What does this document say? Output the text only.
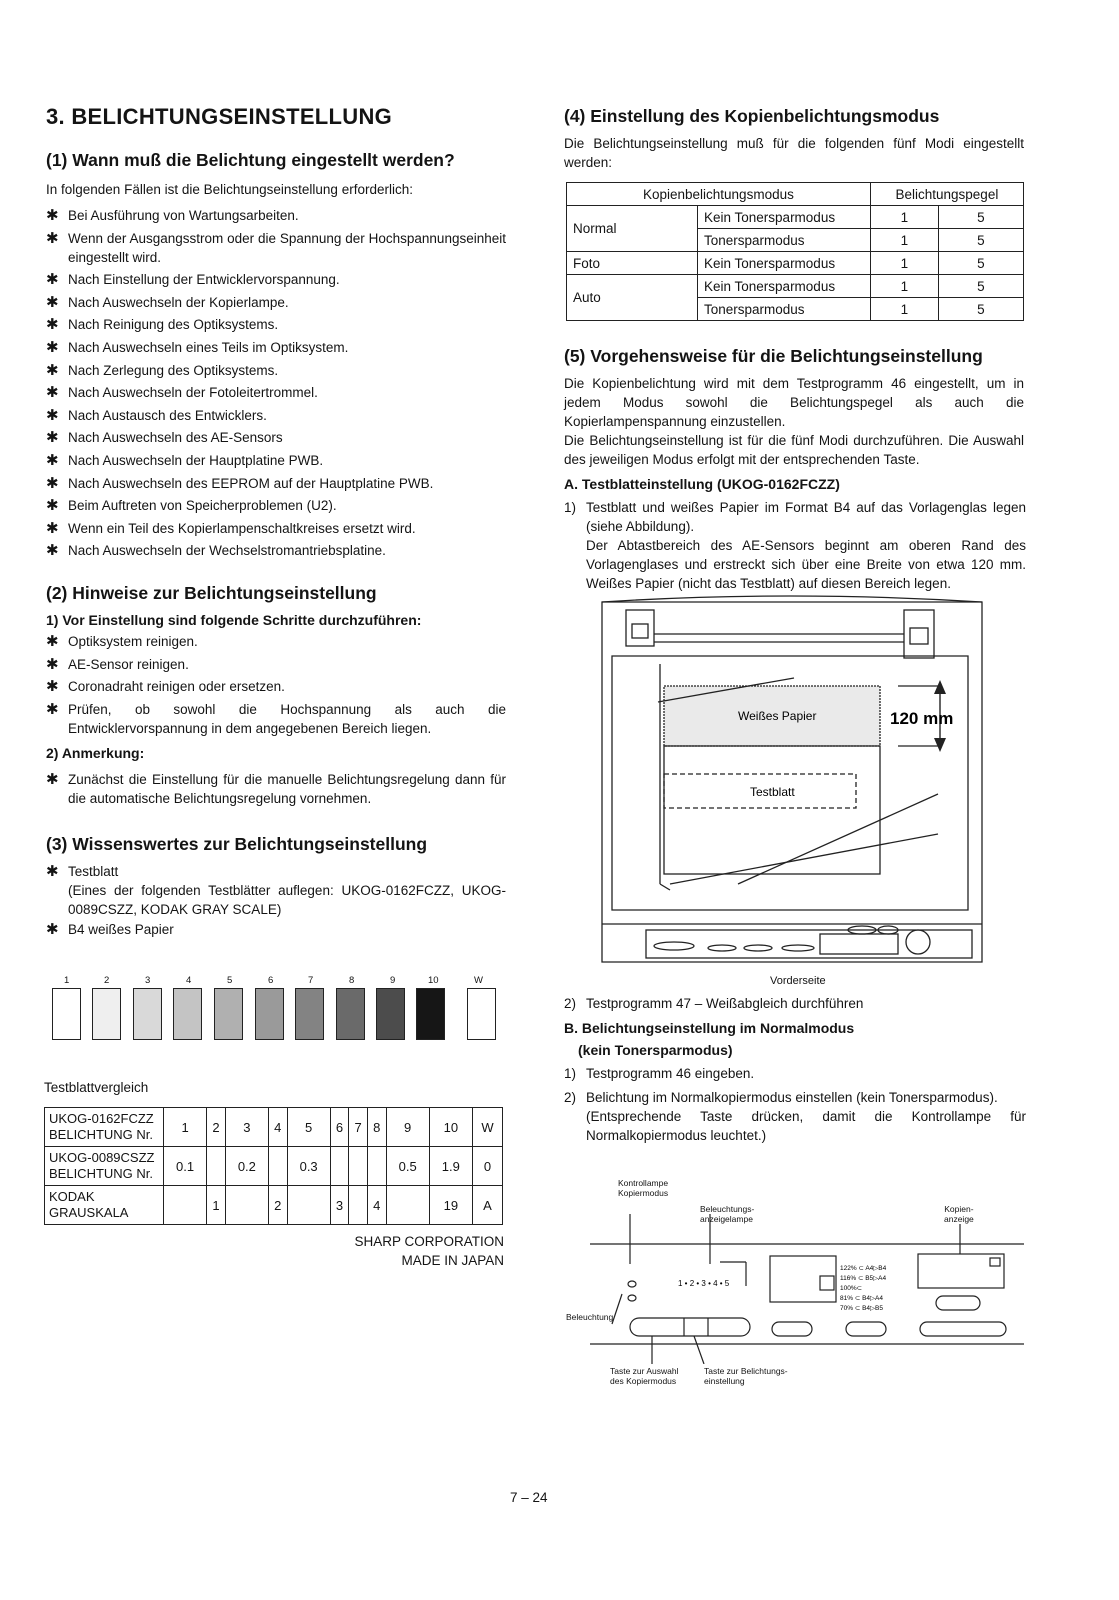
3. BELICHTUNGSEINSTELLUNG
(1) Wann muß die Belichtung eingestellt werden?
In folgenden Fällen ist die Belichtungseinstellung erforderlich:
✱ Bei Ausführung von Wartungsarbeiten.
✱ Wenn der Ausgangsstrom oder die Spannung der Hochspannungseinheit eingestellt wird.
✱ Nach Einstellung der Entwicklervorspannung.
✱ Nach Auswechseln der Kopierlampe.
✱ Nach Reinigung des Optiksystems.
✱ Nach Auswechseln eines Teils im Optiksystem.
✱ Nach Zerlegung des Optiksystems.
✱ Nach Auswechseln der Fotoleitertrommel.
✱ Nach Austausch des Entwicklers.
✱ Nach Auswechseln des AE-Sensors
✱ Nach Auswechseln der Hauptplatine PWB.
✱ Nach Auswechseln des EEPROM auf der Hauptplatine PWB.
✱ Beim Auftreten von Speicherproblemen (U2).
✱ Wenn ein Teil des Kopierlampenschaltkreises ersetzt wird.
✱ Nach Auswechseln der Wechselstromantriebsplatine.
(2) Hinweise zur Belichtungseinstellung
1) Vor Einstellung sind folgende Schritte durchzuführen:
✱ Optiksystem reinigen.
✱ AE-Sensor reinigen.
✱ Coronadraht reinigen oder ersetzen.
✱ Prüfen, ob sowohl die Hochspannung als auch die Entwicklervorspannung in dem angegebenen Bereich liegen.
2) Anmerkung:
✱ Zunächst die Einstellung für die manuelle Belichtungsregelung dann für die automatische Belichtungsregelung vornehmen.
(3) Wissenswertes zur Belichtungseinstellung
✱ Testblatt
(Eines der folgenden Testblätter auflegen: UKOG-0162FCZZ, UKOG-0089CSZZ, KODAK GRAY SCALE)
✱ B4 weißes Papier
1	2	3	4	5	6	7	8	9	10	W
Testblattvergleich
UKOG-0162FCZZ
BELICHTUNG Nr.	1	2	3	4	5	6	7	8	9	10	W
UKOG-0089CSZZ
BELICHTUNG Nr.	0.1		0.2		0.3				0.5	1.9	0
KODAK
GRAUSKALA		1		2		3		4		19	A
SHARP CORPORATION
MADE IN JAPAN
(4) Einstellung des Kopienbelichtungsmodus
Die Belichtungseinstellung muß für die folgenden fünf Modi eingestellt werden:
Kopienbelichtungsmodus		Belichtungspegel	
Normal	Kein Tonersparmodus	1	5
	Tonersparmodus	1	5
Foto	Kein Tonersparmodus	1	5
Auto	Kein Tonersparmodus	1	5
	Tonersparmodus	1	5
(5) Vorgehensweise für die Belichtungseinstellung
Die Kopienbelichtung wird mit dem Testprogramm 46 eingestellt, um in jedem Modus sowohl die Belichtungspegel als auch die Kopierlampenspannung einzustellen.
Die Belichtungseinstellung ist für die fünf Modi durchzuführen. Die Auswahl des jeweiligen Modus erfolgt mit der entsprechenden Taste.
A. Testblatteinstellung (UKOG-0162FCZZ)
1) Testblatt und weißes Papier im Format B4 auf das Vorlagenglas legen (siehe Abbildung).
Der Abtastbereich des AE-Sensors beginnt am oberen Rand des Vorlagenglases und erstreckt sich über eine Breite von etwa 120 mm. Weißes Papier (nicht das Testblatt) auf diesen Bereich legen.
Weißes Papier
Testblatt
120 mm
Vorderseite
2) Testprogramm 47 – Weißabgleich durchführen
B. Belichtungseinstellung im Normalmodus
(kein Tonersparmodus)
1) Testprogramm 46 eingeben.
2) Belichtung im Normalkopiermodus einstellen (kein Tonersparmodus).
(Entsprechende Taste drücken, damit die Kontrollampe für Normalkopiermodus leuchtet.)
Kontrollampe
Kopiermodus
Beleuchtungs-
anzeigelampe
Kopien-
anzeige
Beleuchtung
1 • 2 • 3 • 4 • 5
122% ⊂ A4▷B4
116% ⊂ B5▷A4
100%⊂
81% ⊂ B4▷A4
70% ⊂ B4▷B5
Taste zur Auswahl
des Kopiermodus
Taste zur Belichtungs-
einstellung
7 – 24
